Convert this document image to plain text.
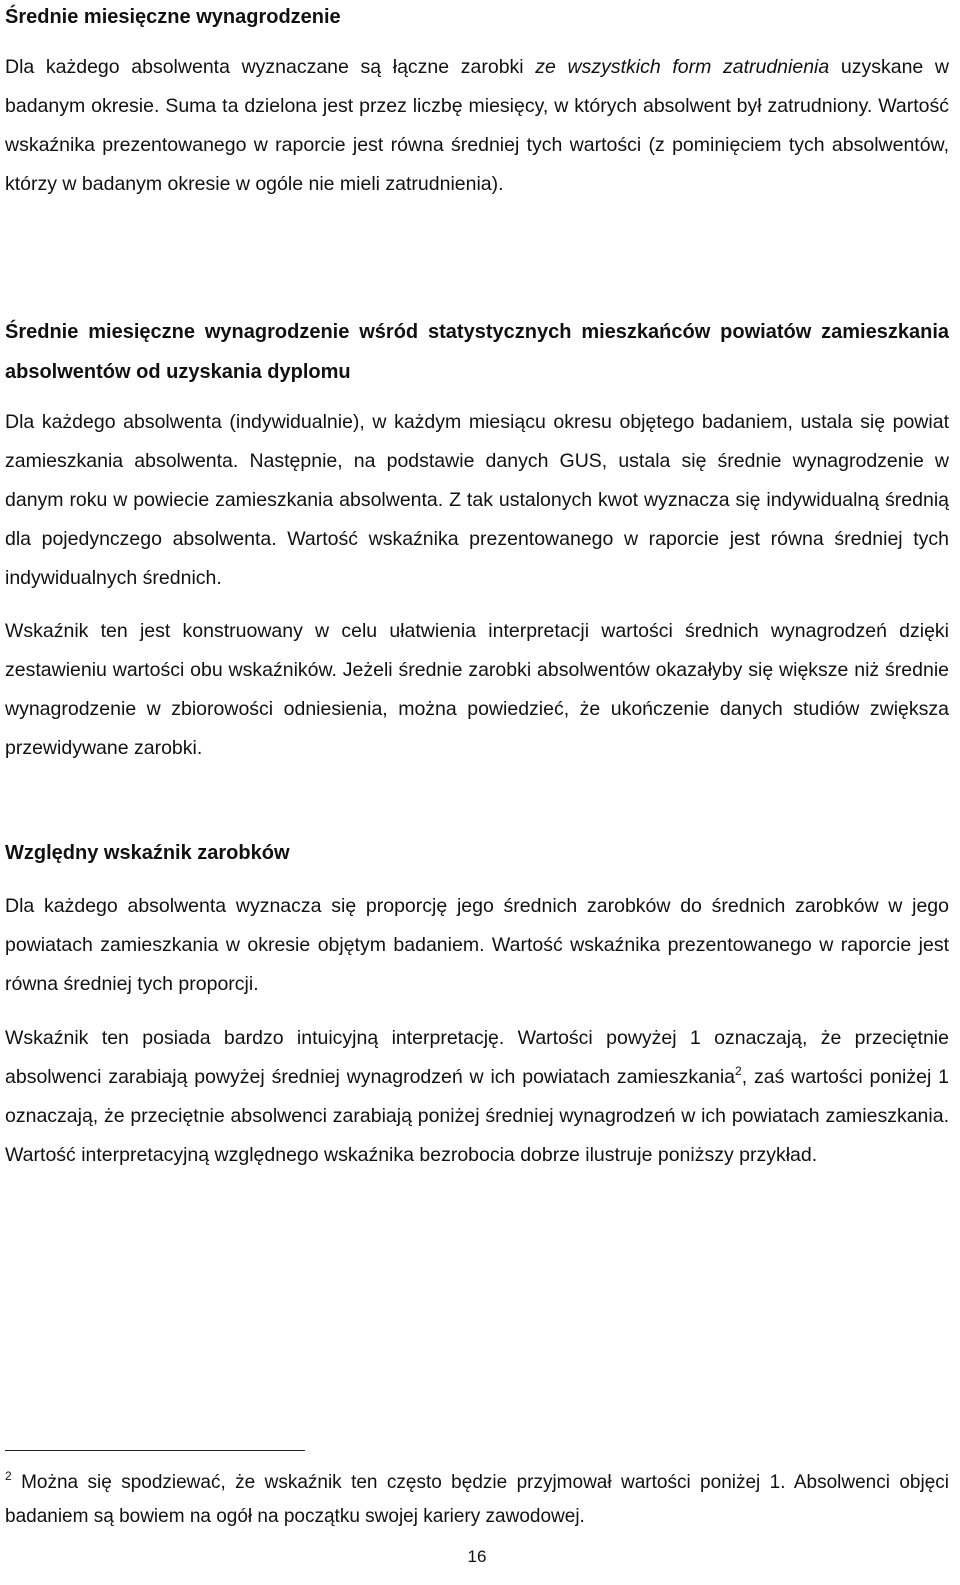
Średnie miesięczne wynagrodzenie

Dla każdego absolwenta wyznaczane są łączne zarobki ze wszystkich form zatrudnienia uzyskane w badanym okresie. Suma ta dzielona jest przez liczbę miesięcy, w których absolwent był zatrudniony. Wartość wskaźnika prezentowanego w raporcie jest równa średniej tych wartości (z pominięciem tych absolwentów, którzy w badanym okresie w ogóle nie mieli zatrudnienia).

Średnie miesięczne wynagrodzenie wśród statystycznych mieszkańców powiatów zamieszkania absolwentów od uzyskania dyplomu

Dla każdego absolwenta (indywidualnie), w każdym miesiącu okresu objętego badaniem, ustala się powiat zamieszkania absolwenta. Następnie, na podstawie danych GUS, ustala się średnie wynagrodzenie w danym roku w powiecie zamieszkania absolwenta. Z tak ustalonych kwot wyznacza się indywidualną średnią dla pojedynczego absolwenta. Wartość wskaźnika prezentowanego w raporcie jest równa średniej tych indywidualnych średnich.

Wskaźnik ten jest konstruowany w celu ułatwienia interpretacji wartości średnich wynagrodzeń dzięki zestawieniu wartości obu wskaźników. Jeżeli średnie zarobki absolwentów okazałyby się większe niż średnie wynagrodzenie w zbiorowości odniesienia, można powiedzieć, że ukończenie danych studiów zwiększa przewidywane zarobki.

Względny wskaźnik zarobków

Dla każdego absolwenta wyznacza się proporcję jego średnich zarobków do średnich zarobków w jego powiatach zamieszkania w okresie objętym badaniem. Wartość wskaźnika prezentowanego w raporcie jest równa średniej tych proporcji.

Wskaźnik ten posiada bardzo intuicyjną interpretację. Wartości powyżej 1 oznaczają, że przeciętnie absolwenci zarabiają powyżej średniej wynagrodzeń w ich powiatach zamieszkania$^2$, zaś wartości poniżej 1 oznaczają, że przeciętnie absolwenci zarabiają poniżej średniej wynagrodzeń w ich powiatach zamieszkania. Wartość interpretacyjną względnego wskaźnika bezrobocia dobrze ilustruje poniższy przykład.

$^2$ Można się spodziewać, że wskaźnik ten często będzie przyjmował wartości poniżej 1. Absolwenci objęci badaniem są bowiem na ogół na początku swojej kariery zawodowej.
16
